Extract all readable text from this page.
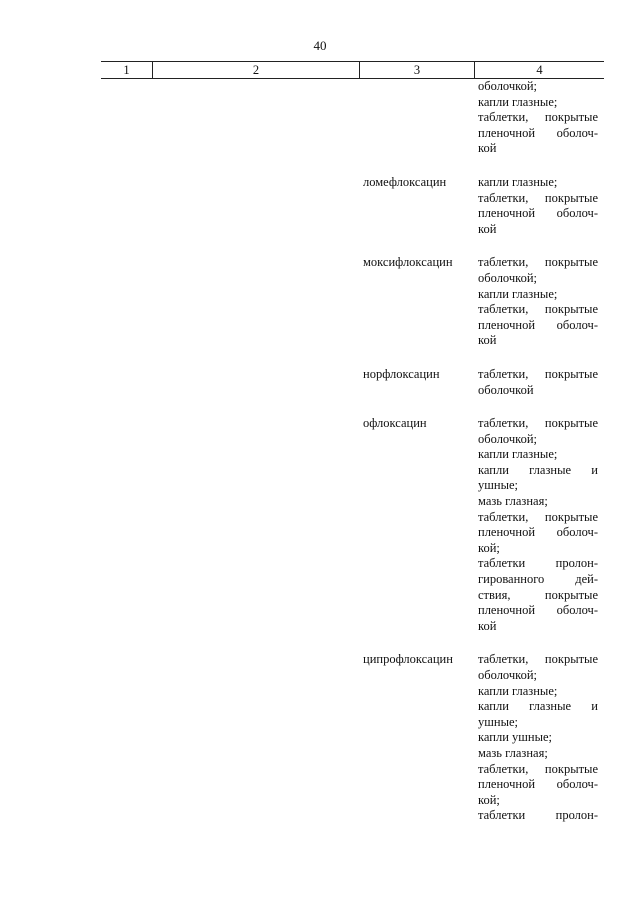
40
1	2	3	4
оболочкой;
капли глазные;
таблетки, покрытые
пленочной оболоч-
кой
ломефлоксацин	капли глазные;
таблетки, покрытые
пленочной оболоч-
кой
моксифлоксацин	таблетки, покрытые
оболочкой;
капли глазные;
таблетки, покрытые
пленочной оболоч-
кой
норфлоксацин	таблетки, покрытые
оболочкой
офлоксацин	таблетки, покрытые
оболочкой;
капли глазные;
капли глазные и
ушные;
мазь глазная;
таблетки, покрытые
пленочной оболоч-
кой;
таблетки пролон-
гированного дей-
ствия, покрытые
пленочной оболоч-
кой
ципрофлоксацин	таблетки, покрытые
оболочкой;
капли глазные;
капли глазные и
ушные;
капли ушные;
мазь глазная;
таблетки, покрытые
пленочной оболоч-
кой;
таблетки пролон-
